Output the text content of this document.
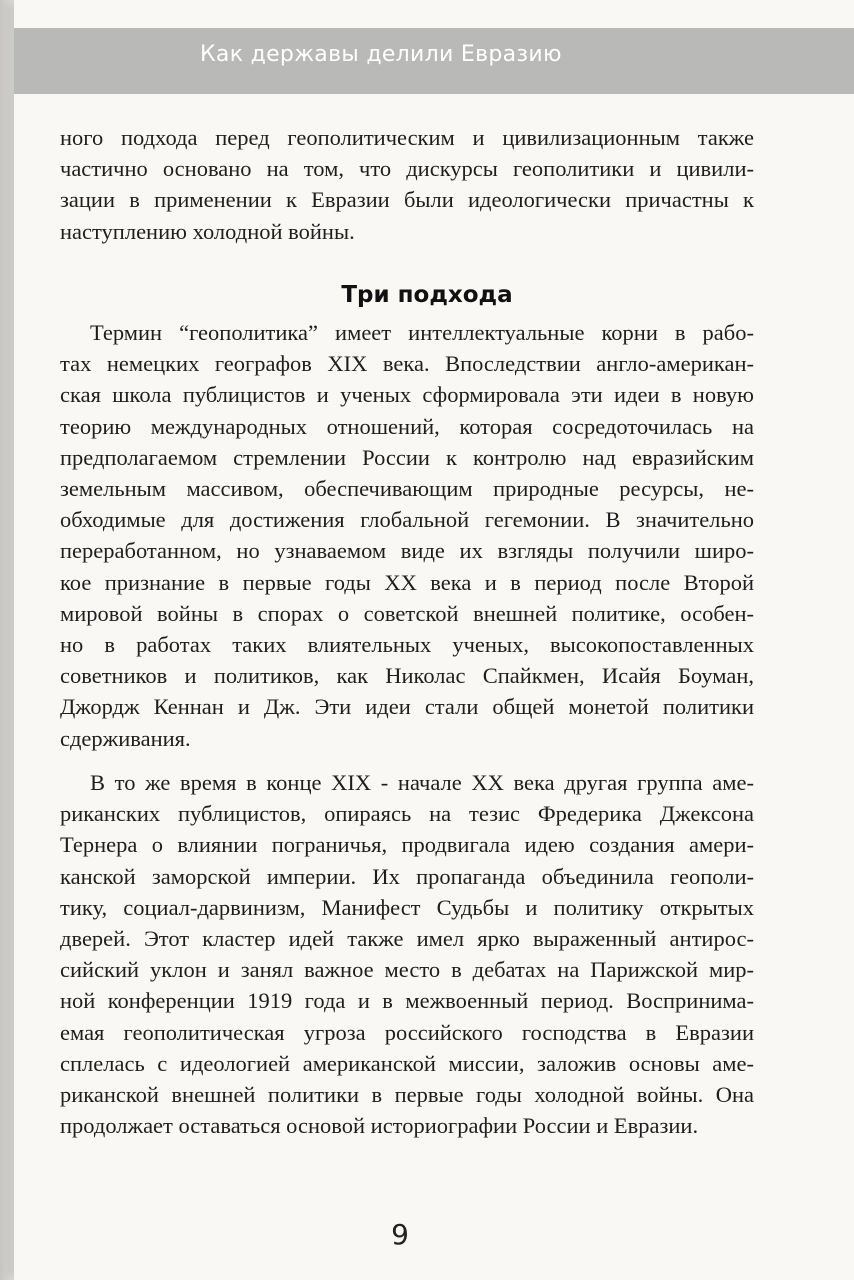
Как державы делили Евразию
ного подхода перед геополитическим и цивилизационным также
частично основано на том, что дискурсы геополитики и цивили-
зации в применении к Евразии были идеологически причастны к
наступлению холодной войны.
Три подхода
Термин “геополитика” имеет интеллектуальные корни в рабо-
тах немецких географов XIX века. Впоследствии англо-американ-
ская школа публицистов и ученых сформировала эти идеи в новую
теорию международных отношений, которая сосредоточилась на
предполагаемом стремлении России к контролю над евразийским
земельным массивом, обеспечивающим природные ресурсы, не-
обходимые для достижения глобальной гегемонии. В значительно
переработанном, но узнаваемом виде их взгляды получили широ-
кое признание в первые годы XX века и в период после Второй
мировой войны в спорах о советской внешней политике, особен-
но в работах таких влиятельных ученых, высокопоставленных
советников и политиков, как Николас Спайкмен, Исайя Боуман,
Джордж Кеннан и Дж. Эти идеи стали общей монетой политики
сдерживания.
В то же время в конце XIX - начале XX века другая группа аме-
риканских публицистов, опираясь на тезис Фредерика Джексона
Тернера о влиянии пограничья, продвигала идею создания амери-
канской заморской империи. Их пропаганда объединила геополи-
тику, социал-дарвинизм, Манифест Судьбы и политику открытых
дверей. Этот кластер идей также имел ярко выраженный антирос-
сийский уклон и занял важное место в дебатах на Парижской мир-
ной конференции 1919 года и в межвоенный период. Воспринима-
емая геополитическая угроза российского господства в Евразии
сплелась с идеологией американской миссии, заложив основы аме-
риканской внешней политики в первые годы холодной войны. Она
продолжает оставаться основой историографии России и Евразии.
9
